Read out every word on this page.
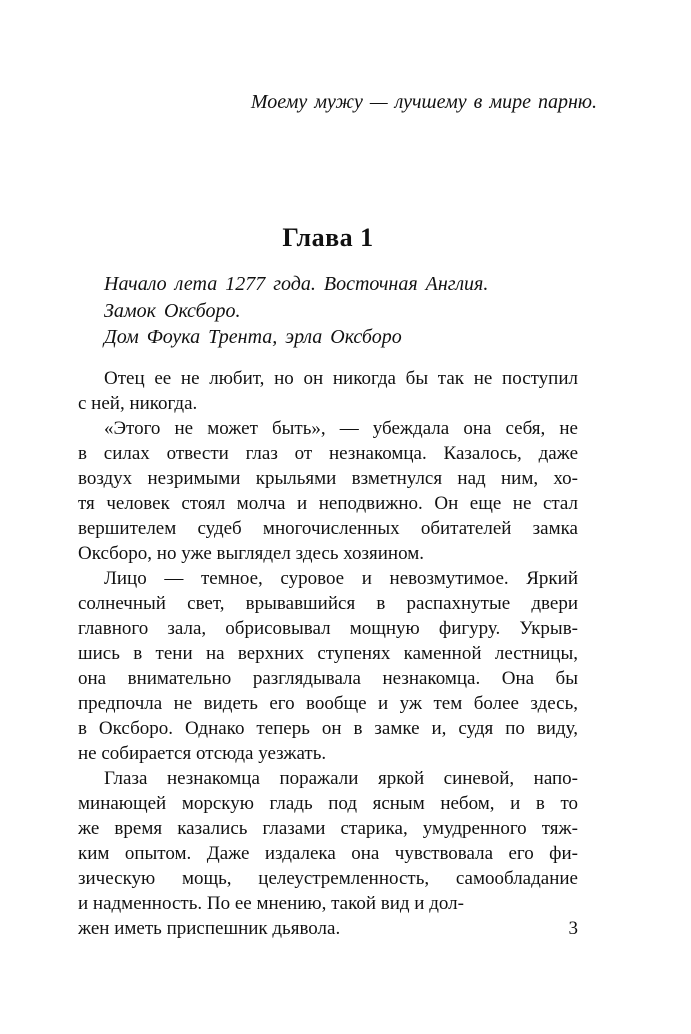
Моему мужу — лучшему в мире парню.
Глава 1
Начало лета 1277 года. Восточная Англия.
Замок Оксборо.
Дом Фоука Трента, эрла Оксборо
Отец ее не любит, но он никогда бы так не поступил
с ней, никогда.
«Этого не может быть», — убеждала она себя, не
в силах отвести глаз от незнакомца. Казалось, даже
воздух незримыми крыльями взметнулся над ним, хо-
тя человек стоял молча и неподвижно. Он еще не стал
вершителем судеб многочисленных обитателей замка
Оксборо, но уже выглядел здесь хозяином.
Лицо — темное, суровое и невозмутимое. Яркий
солнечный свет, врывавшийся в распахнутые двери
главного зала, обрисовывал мощную фигуру. Укрыв-
шись в тени на верхних ступенях каменной лестницы,
она внимательно разглядывала незнакомца. Она бы
предпочла не видеть его вообще и уж тем более здесь,
в Оксборо. Однако теперь он в замке и, судя по виду,
не собирается отсюда уезжать.
Глаза незнакомца поражали яркой синевой, напо-
минающей морскую гладь под ясным небом, и в то
же время казались глазами старика, умудренного тяж-
ким опытом. Даже издалека она чувствовала его фи-
зическую мощь, целеустремленность, самообладание
и надменность. По ее мнению, такой вид и дол-
жен иметь приспешник дьявола.	3
